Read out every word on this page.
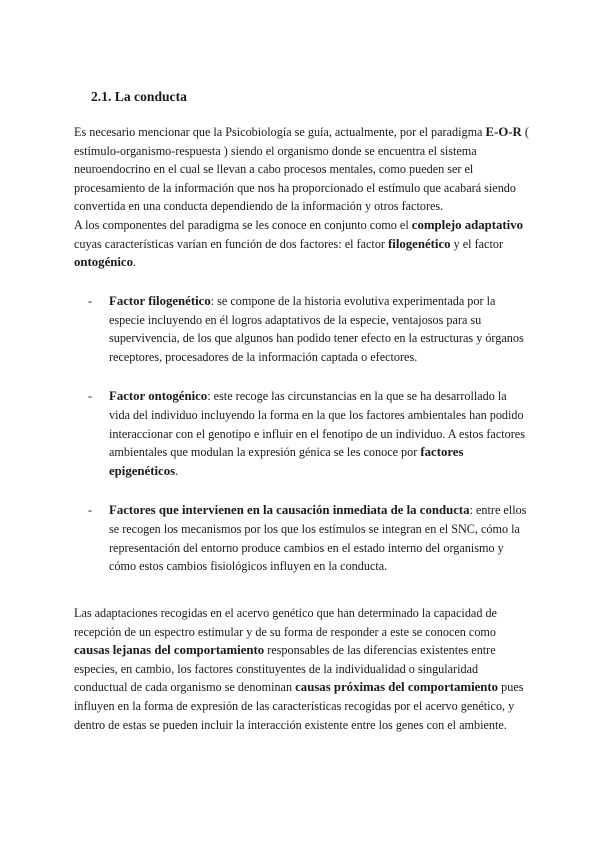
2.1. La conducta

Es necesario mencionar que la Psicobiología se guía, actualmente, por el paradigma E-O-R ( estímulo-organismo-respuesta ) siendo el organismo donde se encuentra el sistema neuroendocrino en el cual se llevan a cabo procesos mentales, como pueden ser el procesamiento de la información que nos ha proporcionado el estímulo que acabará siendo convertida en una conducta dependiendo de la información y otros factores.
A los componentes del paradigma se les conoce en conjunto como el complejo adaptativo cuyas características varían en función de dos factores: el factor filogenético y el factor ontogénico.

- Factor filogenético: se compone de la historia evolutiva experimentada por la especie incluyendo en él logros adaptativos de la especie, ventajosos para su supervivencia, de los que algunos han podido tener efecto en la estructuras y órganos receptores, procesadores de la información captada o efectores.
- Factor ontogénico: este recoge las circunstancias en la que se ha desarrollado la vida del individuo incluyendo la forma en la que los factores ambientales han podido interaccionar con el genotipo e influir en el fenotipo de un individuo. A estos factores ambientales que modulan la expresión génica se les conoce por factores epigenéticos.
- Factores que intervienen en la causación inmediata de la conducta: entre ellos se recogen los mecanismos por los que los estímulos se integran en el SNC, cómo la representación del entorno produce cambios en el estado interno del organismo y cómo estos cambios fisiológicos influyen en la conducta.

Las adaptaciones recogidas en el acervo genético que han determinado la capacidad de recepción de un espectro estimular y de su forma de responder a este se conocen como causas lejanas del comportamiento responsables de las diferencias existentes entre especies, en cambio, los factores constituyentes de la individualidad o singularidad conductual de cada organismo se denominan causas próximas del comportamiento pues influyen en la forma de expresión de las características recogidas por el acervo genético, y dentro de estas se pueden incluir la interacción existente entre los genes con el ambiente.
